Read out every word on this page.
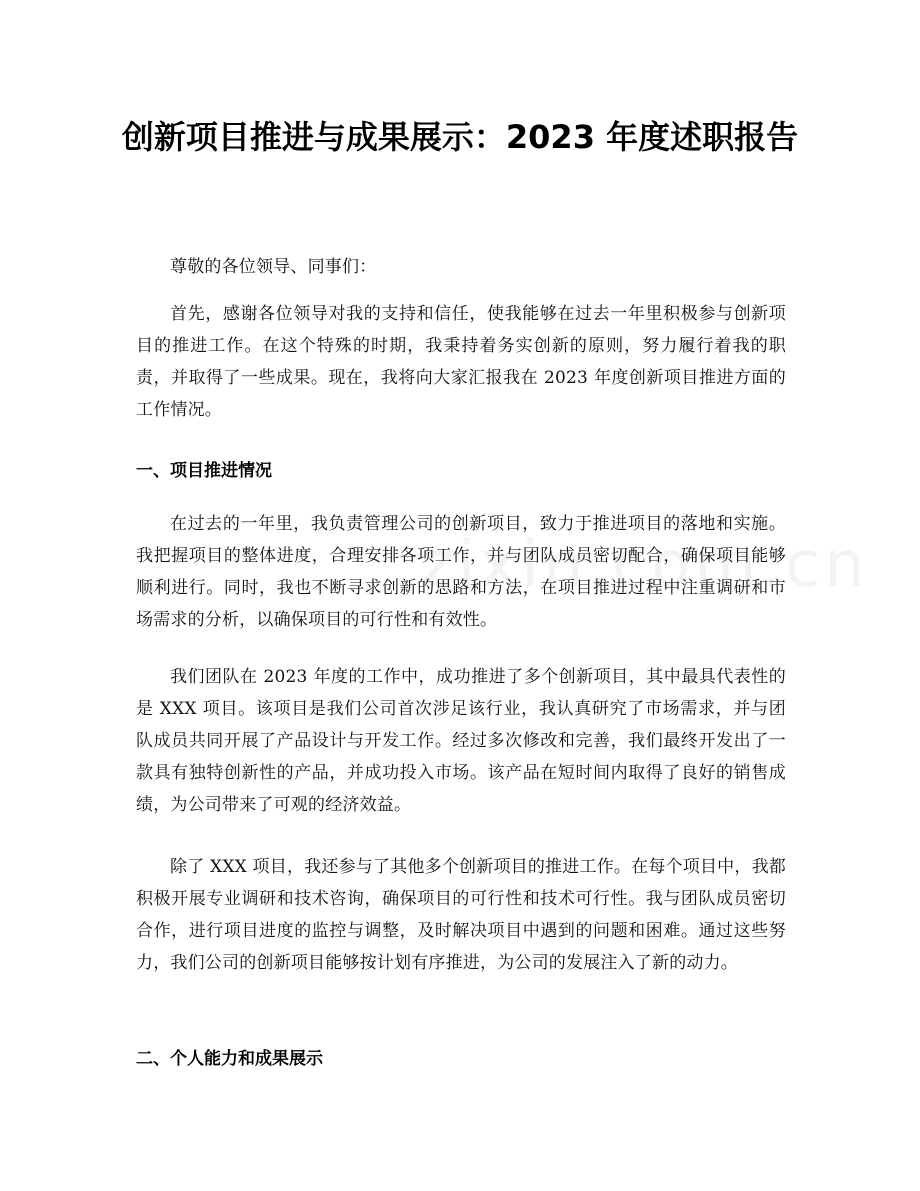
创新项目推进与成果展示：2023 年度述职报告

尊敬的各位领导、同事们：

首先，感谢各位领导对我的支持和信任，使我能够在过去一年里积极参与创新项目的推进工作。在这个特殊的时期，我秉持着务实创新的原则，努力履行着我的职责，并取得了一些成果。现在，我将向大家汇报我在 2023 年度创新项目推进方面的工作情况。

一、项目推进情况

在过去的一年里，我负责管理公司的创新项目，致力于推进项目的落地和实施。我把握项目的整体进度，合理安排各项工作，并与团队成员密切配合，确保项目能够顺利进行。同时，我也不断寻求创新的思路和方法，在项目推进过程中注重调研和市场需求的分析，以确保项目的可行性和有效性。

我们团队在 2023 年度的工作中，成功推进了多个创新项目，其中最具代表性的是 XXX 项目。该项目是我们公司首次涉足该行业，我认真研究了市场需求，并与团队成员共同开展了产品设计与开发工作。经过多次修改和完善，我们最终开发出了一款具有独特创新性的产品，并成功投入市场。该产品在短时间内取得了良好的销售成绩，为公司带来了可观的经济效益。

除了 XXX 项目，我还参与了其他多个创新项目的推进工作。在每个项目中，我都积极开展专业调研和技术咨询，确保项目的可行性和技术可行性。我与团队成员密切合作，进行项目进度的监控与调整，及时解决项目中遇到的问题和困难。通过这些努力，我们公司的创新项目能够按计划有序推进，为公司的发展注入了新的动力。

二、个人能力和成果展示
